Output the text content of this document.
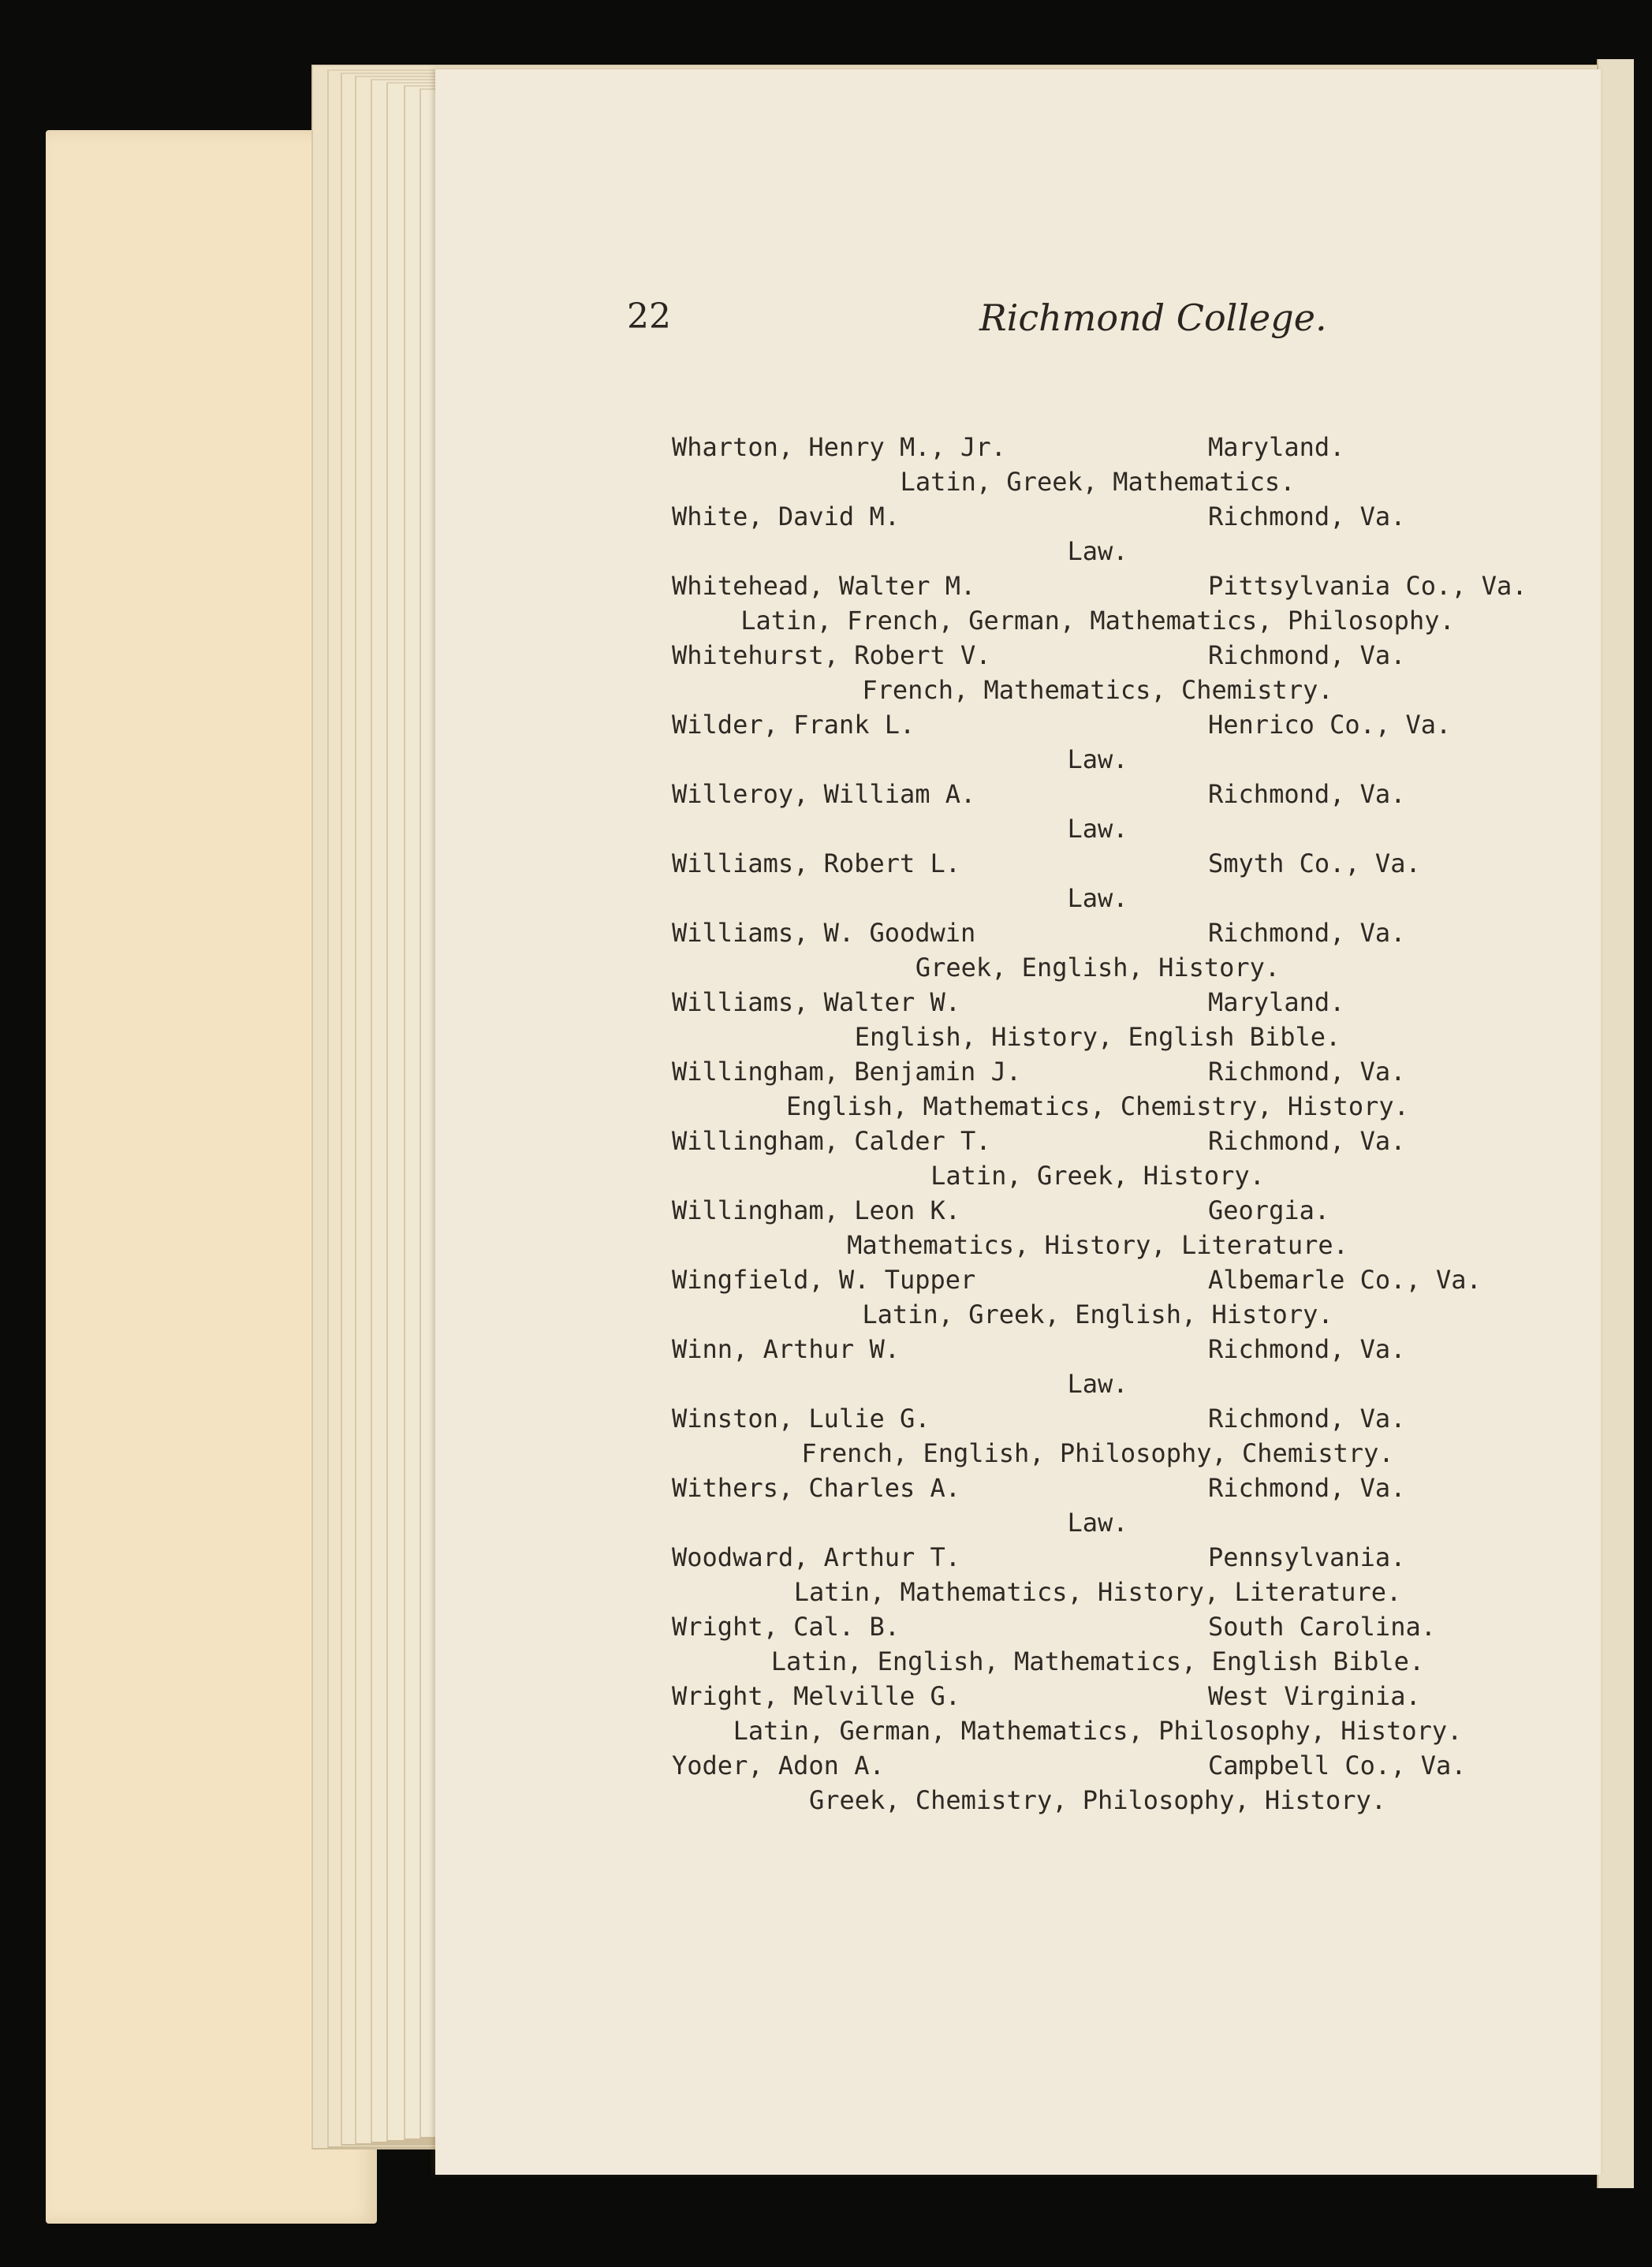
22	Richmond College.
Wharton, Henry M., Jr.	Maryland.
Latin, Greek, Mathematics.
White, David M.	Richmond, Va.
Law.
Whitehead, Walter M.	Pittsylvania Co., Va.
Latin, French, German, Mathematics, Philosophy.
Whitehurst, Robert V.	Richmond, Va.
French, Mathematics, Chemistry.
Wilder, Frank L.	Henrico Co., Va.
Law.
Willeroy, William A.	Richmond, Va.
Law.
Williams, Robert L.	Smyth Co., Va.
Law.
Williams, W. Goodwin	Richmond, Va.
Greek, English, History.
Williams, Walter W.	Maryland.
English, History, English Bible.
Willingham, Benjamin J.	Richmond, Va.
English, Mathematics, Chemistry, History.
Willingham, Calder T.	Richmond, Va.
Latin, Greek, History.
Willingham, Leon K.	Georgia.
Mathematics, History, Literature.
Wingfield, W. Tupper	Albemarle Co., Va.
Latin, Greek, English, History.
Winn, Arthur W.	Richmond, Va.
Law.
Winston, Lulie G.	Richmond, Va.
French, English, Philosophy, Chemistry.
Withers, Charles A.	Richmond, Va.
Law.
Woodward, Arthur T.	Pennsylvania.
Latin, Mathematics, History, Literature.
Wright, Cal. B.	South Carolina.
Latin, English, Mathematics, English Bible.
Wright, Melville G.	West Virginia.
Latin, German, Mathematics, Philosophy, History.
Yoder, Adon A.	Campbell Co., Va.
Greek, Chemistry, Philosophy, History.
